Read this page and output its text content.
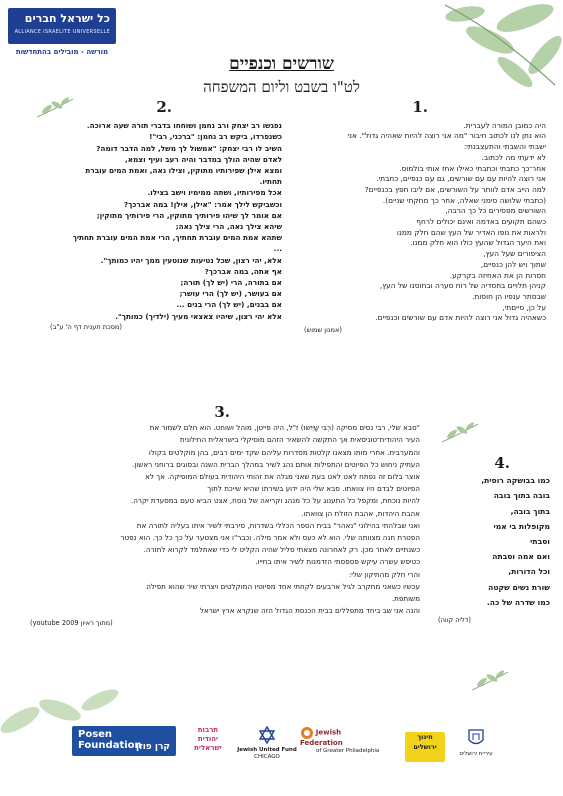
כל ישראל חברים
ALLIANCE ISRAELITE UNIVERSELLE
מורשה - מובילים בהתחדשות
שורשים וכנפיים
לט"ו בשבט וליום המשפחה
.1
היה כמובן המורה לעברית.
הוא נתן לנו לכתוב חיבור "מה אני רוצה להיות שאהיה גדול". אני
ישבתי והשבתי והתעצבנתי:
לא ידעתי מה לכתוב.
אחר־כך כתבתי וכתבתי כאילו אחז אותי בולמוס.
אני רוצה להיות עם עם שורשים, גם עם כנפיים, כתבתי.
למה הייב אדם לוותר על השורשים, אם ליבו חפץ בכנפיים?
(כתבתי שלושה סימני שאלה, אחר כך מחקתי שניים).
השורשים מפסירים כל כך הרבה,
כשהם תקועים באדמה ואינם יכולים לרחף
ולראות את נופו האדיר של העץ שהם חלק ממנו
ואת היער הגדול שהעץ כולו הוא חלק ממנו.
הציפורים שעל העץ,
שתוך ויש להן כנפיים,
חסרות הן את האחיזה בקרקע.
קניהן תלויים בחסדיה של רוח סערה ובחוסנו של העץ,
שבסתר ענפיו הן חוסות.
על כן, סייםתי,
כשאהיה גדול אני רוצה להיות אדם עם שורשים וכנפיים.
(אמנון שמוש)
.2
נפגשו רב יצחק ורב נחמן ושוחחו בדברי תורה שעה ארוכה.
כשנפרדו, ביקש רב נחמן: "ברכני, רבי"!
השיב לו רבי יצחק: "אמשול לך משל, למה הדבר דומה?
לאדם שהיה הולך במדבר והיה רעב ועיף וצמא,
ומצא אילן שפירותיו מתוקין, וצילו נאה, ואמת המים עוברת
תחתיו.
אכל מפירותיו, ושתה ממימיו וישב בצילו.
וכשביקש לילך אמר: "אילן, אילן! במה אברכך?
אם אומר לך שיהו פירותיך מתוקין, הרי פירותיך מתוקין;
שיהא צילך נאה, הרי צילך נאה;
שתהא אמת המים עוברת תחתיך, הרי אמת המים עוברת תחתיך
...
אלא, יהי רצון, שכל נטיעות שנוטעין ממך יהיו כמותך".
אף אתה, במה אברכך?
אם בתורה, הרי (יש לך) תורה;
אם בעושר, (יש לך) הרי עושר;
אם בבנים, (יש לך) הרי בנים ...
אלא יהי רצון, שיהיו צאצאי מעיך (ילדיך) כמותך".
(מסכת תענית דף ה' ע"ב)
.3
"סבא שלי, רבי נסים מסיקה (רְבִּי שָׁיֵיִשּׁוּ) ז"ל, היה פייטן, מוהל ושוחט. הוא חלם לשמור את
העיר היהודית־טוניסאית אך התקשה להשאיר הזהם מוסיקלי בישראלית החילונית
והמערבית. אחרי מותו מצאנו קלטות מסדרות עליהם שקד ימים רבים, בהן מוקלטים בקולו
העתיק ניחוש כל הפיוטים והתפילות אותם נהג לשיר במהלך הברית השנה ובסוגים ברוחני ראשון.
אוצר בלום זה נפתח לאט לאט בעת שאני מגלה את זהותי היהודית בעולם המוסיקה. אך לא
הפיוטים לבדם היו צוואתו. סבא שלי היה ידוע בשירתו שהיא שייכת לתוך
להיות נוכחת, ומקפל כל התענוג על כל מנהג וקריאה של נוסח, אצט הביא טעם במסעדת יקרה.
אהבת היהדות, אהבת הזולת הן צוואתו.
ואני שבלהתי בהילוני "נאהר" בבית הספר הכללי בשדרות, סירבתי לשיר איתו בעליה לתורה את
הפטרת חנה מצוותה שלי. הוא לא כעס ולא אמר מילה. וכבר"ו אני מצטער על כך כל כך. הוא נפטר
כשנתיים לאחר מכן. רק לאחרונה מצאתי סליל שהיה הקליט לי כדי שאתלמד לקרוא לתורה.
כטיפש עשרה עיקש פספסתי הזדמנות לשיר איתו בחייו.
והרי חלק מהתיקון שלי:
עכשיו כשאני מתקרב לגיל ארבעים לקחתי אחד מפיוטיו המוקלטים ויצרתי שיר שהוא תפילה
משותפת.
והנה אני שב ביחד מתפללים בבית הכנסת הגדול הזה שנקרא ארץ ישראל
(מתוך ראיון 2009 youtube)
.4
כמו בבושקה רוסית,
בובה בתוך בובה
בתוך בובה,
מקופלות בי אמי
וסבתי
ואם אמה וסבתה
וכל הדורות,
שורת נשים שקטה
כמו שדרה של כה.
(דליה קווה)
Posen Foundation
קרן פוזן
תרבות יהודית ישראלית	Jewish United Fund
CHICAGO
Jewish Federation
of Greater Philadelphia
חינוך ירושלים
עיריית ירושלים
